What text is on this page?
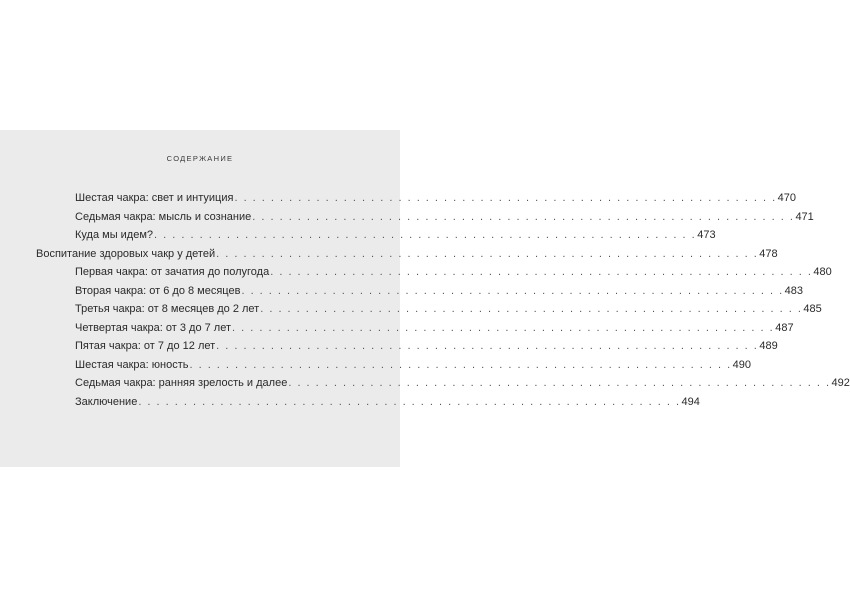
СОДЕРЖАНИЕ
Шестая чакра: свет и интуиция . . . . . . . . . . . . . . . . . . . . . . . . . . . . . . . . . . . . . . . . . . . . . . . . . . . . . . . . . . . . 470
Седьмая чакра: мысль и сознание . . . . . . . . . . . . . . . . . . . . . . . . . . . . . . . . . . . . . . . . . . . . . . . . . . . . . . . . . . . . 471
Куда мы идем? . . . . . . . . . . . . . . . . . . . . . . . . . . . . . . . . . . . . . . . . . . . . . . . . . . . . . . . . . . . . 473
Воспитание здоровых чакр у детей . . . . . . . . . . . . . . . . . . . . . . . . . . . . . . . . . . . . . . . . . . . . . . . . . . . . . . . . . . . . 478
Первая чакра: от зачатия до полугода . . . . . . . . . . . . . . . . . . . . . . . . . . . . . . . . . . . . . . . . . . . . . . . . . . . . . . . . . . . . 480
Вторая чакра: от 6 до 8 месяцев . . . . . . . . . . . . . . . . . . . . . . . . . . . . . . . . . . . . . . . . . . . . . . . . . . . . . . . . . . . . 483
Третья чакра: от 8 месяцев до 2 лет . . . . . . . . . . . . . . . . . . . . . . . . . . . . . . . . . . . . . . . . . . . . . . . . . . . . . . . . . . . . 485
Четвертая чакра: от 3 до 7 лет . . . . . . . . . . . . . . . . . . . . . . . . . . . . . . . . . . . . . . . . . . . . . . . . . . . . . . . . . . . . 487
Пятая чакра: от 7 до 12 лет . . . . . . . . . . . . . . . . . . . . . . . . . . . . . . . . . . . . . . . . . . . . . . . . . . . . . . . . . . . . 489
Шестая чакра: юность . . . . . . . . . . . . . . . . . . . . . . . . . . . . . . . . . . . . . . . . . . . . . . . . . . . . . . . . . . . . 490
Седьмая чакра: ранняя зрелость и далее . . . . . . . . . . . . . . . . . . . . . . . . . . . . . . . . . . . . . . . . . . . . . . . . . . . . . . . . . . . . 492
Заключение . . . . . . . . . . . . . . . . . . . . . . . . . . . . . . . . . . . . . . . . . . . . . . . . . . . . . . . . . . . . 494
